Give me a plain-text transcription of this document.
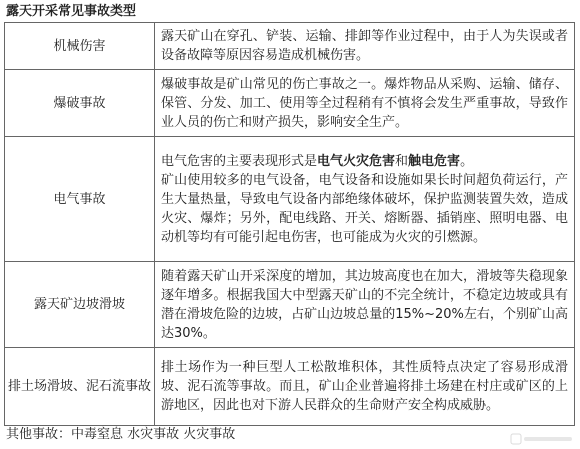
露天开采常见事故类型
机械伤害	露天矿山在穿孔、铲装、运输、排卸等作业过程中，由于人为失误或者设备故障等原因容易造成机械伤害。
爆破事故	爆破事故是矿山常见的伤亡事故之一。爆炸物品从采购、运输、储存、保管、分发、加工、使用等全过程稍有不慎将会发生严重事故，导致作业人员的伤亡和财产损失，影响安全生产。
电气事故	电气危害的主要表现形式是电气火灾危害和触电危害。
矿山使用较多的电气设备，电气设备和设施如果长时间超负荷运行，产生大量热量，导致电气设备内部绝缘体破坏，保护监测装置失效，造成火灾、爆炸；另外，配电线路、开关、熔断器、插销座、照明电器、电动机等均有可能引起电伤害，也可能成为火灾的引燃源。

露天矿边坡滑坡	随着露天矿山开采深度的增加，其边坡高度也在加大，滑坡等失稳现象逐年增多。根据我国大中型露天矿山的不完全统计，不稳定边坡或具有潜在滑坡危险的边坡，占矿山边坡总量的15%~20%左右，个别矿山高达30%。
排土场滑坡、泥石流事故	排土场作为一种巨型人工松散堆积体，其性质特点决定了容易形成滑坡、泥石流等事故。而且，矿山企业普遍将排土场建在村庄或矿区的上游地区，因此也对下游人民群众的生命财产安全构成威胁。
其他事故：中毒窒息 水灾事故 火灾事故
